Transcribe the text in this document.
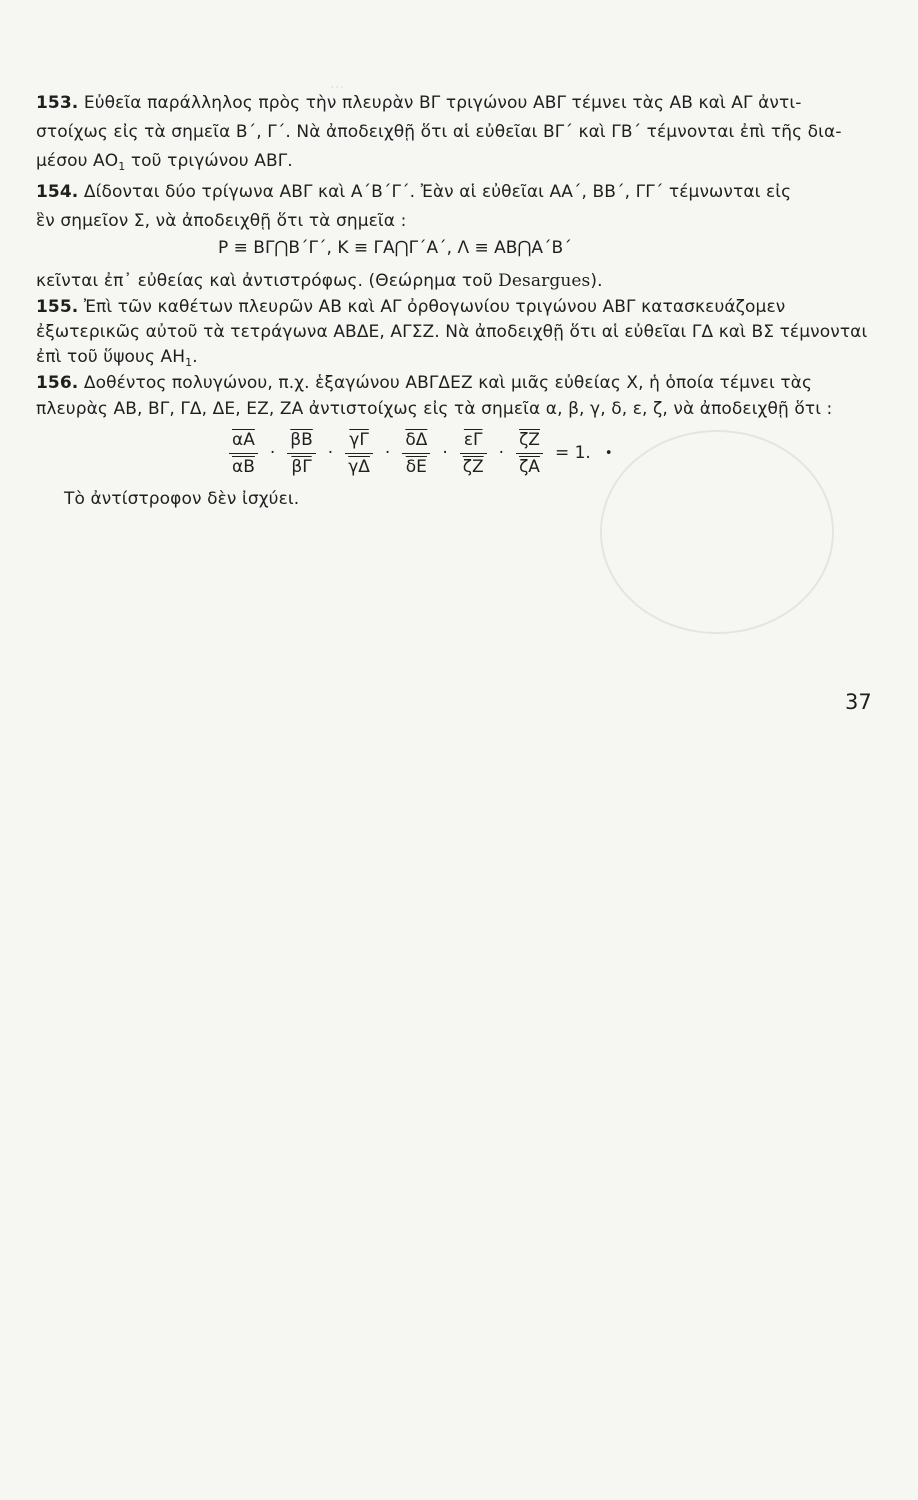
···
153. Εὐθεῖα παράλληλος πρὸς τὴν πλευρὰν ΒΓ τριγώνου ΑΒΓ τέμνει τὰς ΑΒ καὶ ΑΓ ἀντι-
στοίχως εἰς τὰ σημεῖα Β΄, Γ΄. Νὰ ἀποδειχθῇ ὅτι αἱ εὐθεῖαι ΒΓ΄ καὶ ΓΒ΄ τέμνονται ἐπὶ τῆς δια-
μέσου $AO_1$ τοῦ τριγώνου ΑΒΓ.
154. Δίδονται δύο τρίγωνα ΑΒΓ καὶ Α΄Β΄Γ΄. Ἐὰν αἱ εὐθεῖαι ΑΑ΄, ΒΒ΄, ΓΓ΄ τέμνωνται εἰς
ἓν σημεῖον Σ, νὰ ἀποδειχθῇ ὅτι τὰ σημεῖα :
Ρ ≡ ΒΓ⋂Β΄Γ΄, Κ ≡ ΓΑ⋂Γ΄Α΄, Λ ≡ ΑΒ⋂Α΄Β΄
κεῖνται ἐπ᾽ εὐθείας καὶ ἀντιστρόφως. (Θεώρημα τοῦ Desargues).
155. Ἐπὶ τῶν καθέτων πλευρῶν ΑΒ καὶ ΑΓ ὀρθογωνίου τριγώνου ΑΒΓ κατασκευάζομεν
ἐξωτερικῶς αὐτοῦ τὰ τετράγωνα ΑΒΔΕ, ΑΓΣΖ. Νὰ ἀποδειχθῇ ὅτι αἱ εὐθεῖαι ΓΔ καὶ ΒΣ τέμνονται
ἐπὶ τοῦ ὕψους $AH_1$.
156. Δοθέντος πολυγώνου, π.χ. ἑξαγώνου ΑΒΓΔΕΖ καὶ μιᾶς εὐθείας Χ, ἡ ὁποία τέμνει τὰς
πλευρὰς ΑΒ, ΒΓ, ΓΔ, ΔΕ, ΕΖ, ΖΑ ἀντιστοίχως εἰς τὰ σημεῖα α, β, γ, δ, ε, ζ, νὰ ἀποδειχθῇ ὅτι :
$\frac{\overline{\alpha A}}{\alpha B} \cdot \frac{\overline{\beta B}}{\beta\Gamma} \cdot \frac{\overline{\gamma\Gamma}}{\gamma\Delta} \cdot \frac{\overline{\delta\Delta}}{\delta E} \cdot \frac{\overline{\varepsilon\Gamma}}{\zeta Z} \cdot \frac{\overline{\zeta Z}}{\zeta A} = 1$. •
Τὸ ἀντίστροφον δὲν ἰσχύει.
37
